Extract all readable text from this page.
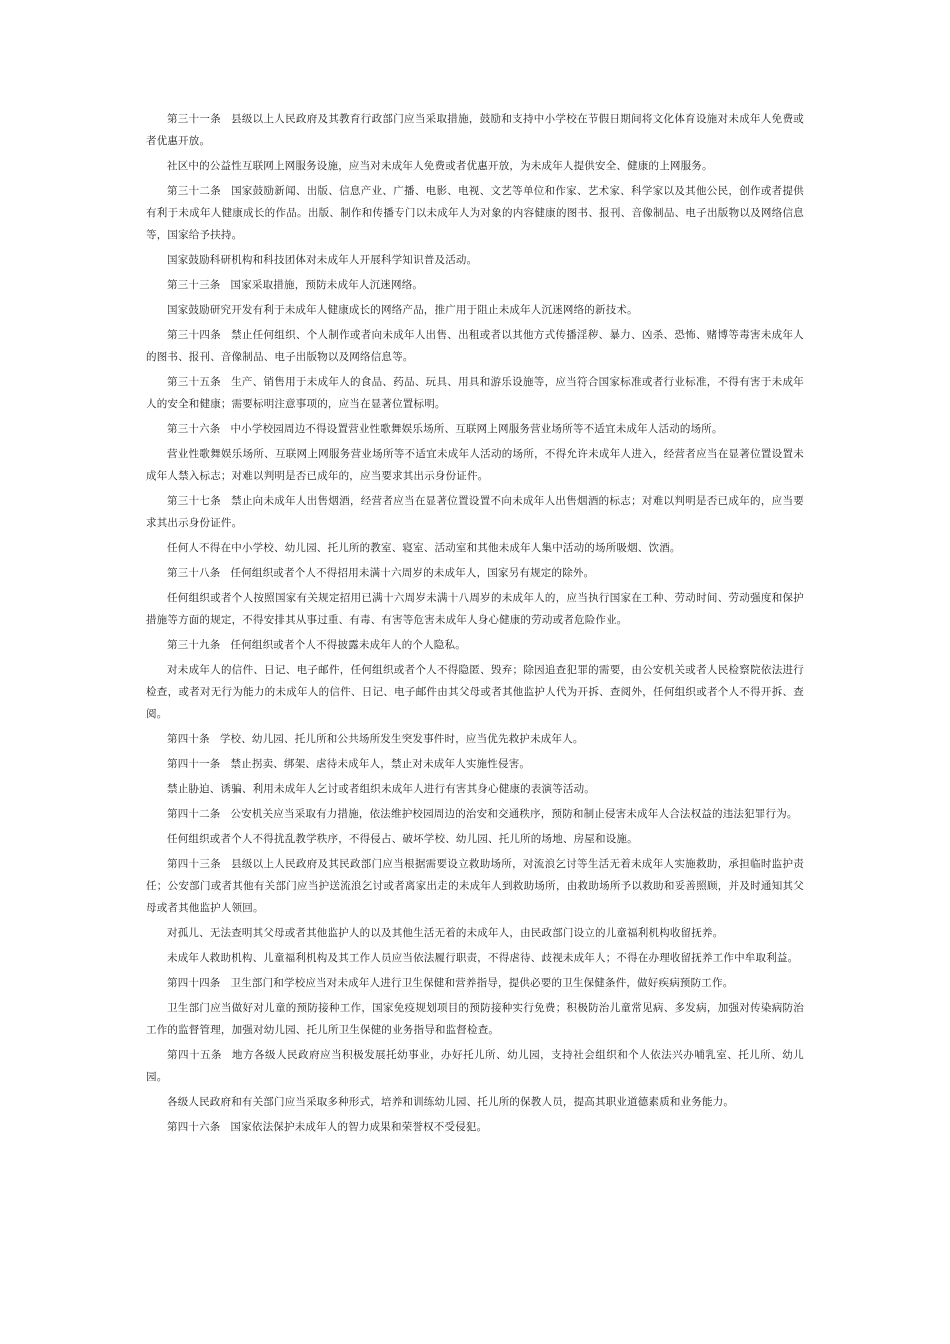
第三十一条 县级以上人民政府及其教育行政部门应当采取措施，鼓励和支持中小学校在节假日期间将文化体育设施对未成年人免费或者优惠开放。

社区中的公益性互联网上网服务设施，应当对未成年人免费或者优惠开放，为未成年人提供安全、健康的上网服务。

第三十二条 国家鼓励新闻、出版、信息产业、广播、电影、电视、文艺等单位和作家、艺术家、科学家以及其他公民，创作或者提供有利于未成年人健康成长的作品。出版、制作和传播专门以未成年人为对象的内容健康的图书、报刊、音像制品、电子出版物以及网络信息等，国家给予扶持。

国家鼓励科研机构和科技团体对未成年人开展科学知识普及活动。

第三十三条 国家采取措施，预防未成年人沉迷网络。

国家鼓励研究开发有利于未成年人健康成长的网络产品，推广用于阻止未成年人沉迷网络的新技术。

第三十四条 禁止任何组织、个人制作或者向未成年人出售、出租或者以其他方式传播淫秽、暴力、凶杀、恐怖、赌博等毒害未成年人的图书、报刊、音像制品、电子出版物以及网络信息等。

第三十五条 生产、销售用于未成年人的食品、药品、玩具、用具和游乐设施等，应当符合国家标准或者行业标准，不得有害于未成年人的安全和健康；需要标明注意事项的，应当在显著位置标明。

第三十六条 中小学校园周边不得设置营业性歌舞娱乐场所、互联网上网服务营业场所等不适宜未成年人活动的场所。

营业性歌舞娱乐场所、互联网上网服务营业场所等不适宜未成年人活动的场所，不得允许未成年人进入，经营者应当在显著位置设置未成年人禁入标志；对难以判明是否已成年的，应当要求其出示身份证件。

第三十七条 禁止向未成年人出售烟酒，经营者应当在显著位置设置不向未成年人出售烟酒的标志；对难以判明是否已成年的，应当要求其出示身份证件。

任何人不得在中小学校、幼儿园、托儿所的教室、寝室、活动室和其他未成年人集中活动的场所吸烟、饮酒。

第三十八条 任何组织或者个人不得招用未满十六周岁的未成年人，国家另有规定的除外。

任何组织或者个人按照国家有关规定招用已满十六周岁未满十八周岁的未成年人的，应当执行国家在工种、劳动时间、劳动强度和保护措施等方面的规定，不得安排其从事过重、有毒、有害等危害未成年人身心健康的劳动或者危险作业。

第三十九条 任何组织或者个人不得披露未成年人的个人隐私。

对未成年人的信件、日记、电子邮件，任何组织或者个人不得隐匿、毁弃；除因追查犯罪的需要，由公安机关或者人民检察院依法进行检查，或者对无行为能力的未成年人的信件、日记、电子邮件由其父母或者其他监护人代为开拆、查阅外，任何组织或者个人不得开拆、查阅。

第四十条 学校、幼儿园、托儿所和公共场所发生突发事件时，应当优先救护未成年人。

第四十一条 禁止拐卖、绑架、虐待未成年人，禁止对未成年人实施性侵害。

禁止胁迫、诱骗、利用未成年人乞讨或者组织未成年人进行有害其身心健康的表演等活动。

第四十二条 公安机关应当采取有力措施，依法维护校园周边的治安和交通秩序，预防和制止侵害未成年人合法权益的违法犯罪行为。

任何组织或者个人不得扰乱教学秩序，不得侵占、破坏学校、幼儿园、托儿所的场地、房屋和设施。

第四十三条 县级以上人民政府及其民政部门应当根据需要设立救助场所，对流浪乞讨等生活无着未成年人实施救助，承担临时监护责任；公安部门或者其他有关部门应当护送流浪乞讨或者离家出走的未成年人到救助场所，由救助场所予以救助和妥善照顾，并及时通知其父母或者其他监护人领回。

对孤儿、无法查明其父母或者其他监护人的以及其他生活无着的未成年人，由民政部门设立的儿童福利机构收留抚养。

未成年人救助机构、儿童福利机构及其工作人员应当依法履行职责，不得虐待、歧视未成年人；不得在办理收留抚养工作中牟取利益。

第四十四条 卫生部门和学校应当对未成年人进行卫生保健和营养指导，提供必要的卫生保健条件，做好疾病预防工作。

卫生部门应当做好对儿童的预防接种工作，国家免疫规划项目的预防接种实行免费；积极防治儿童常见病、多发病，加强对传染病防治工作的监督管理，加强对幼儿园、托儿所卫生保健的业务指导和监督检查。

第四十五条 地方各级人民政府应当积极发展托幼事业，办好托儿所、幼儿园，支持社会组织和个人依法兴办哺乳室、托儿所、幼儿园。

各级人民政府和有关部门应当采取多种形式，培养和训练幼儿园、托儿所的保教人员，提高其职业道德素质和业务能力。

第四十六条 国家依法保护未成年人的智力成果和荣誉权不受侵犯。
